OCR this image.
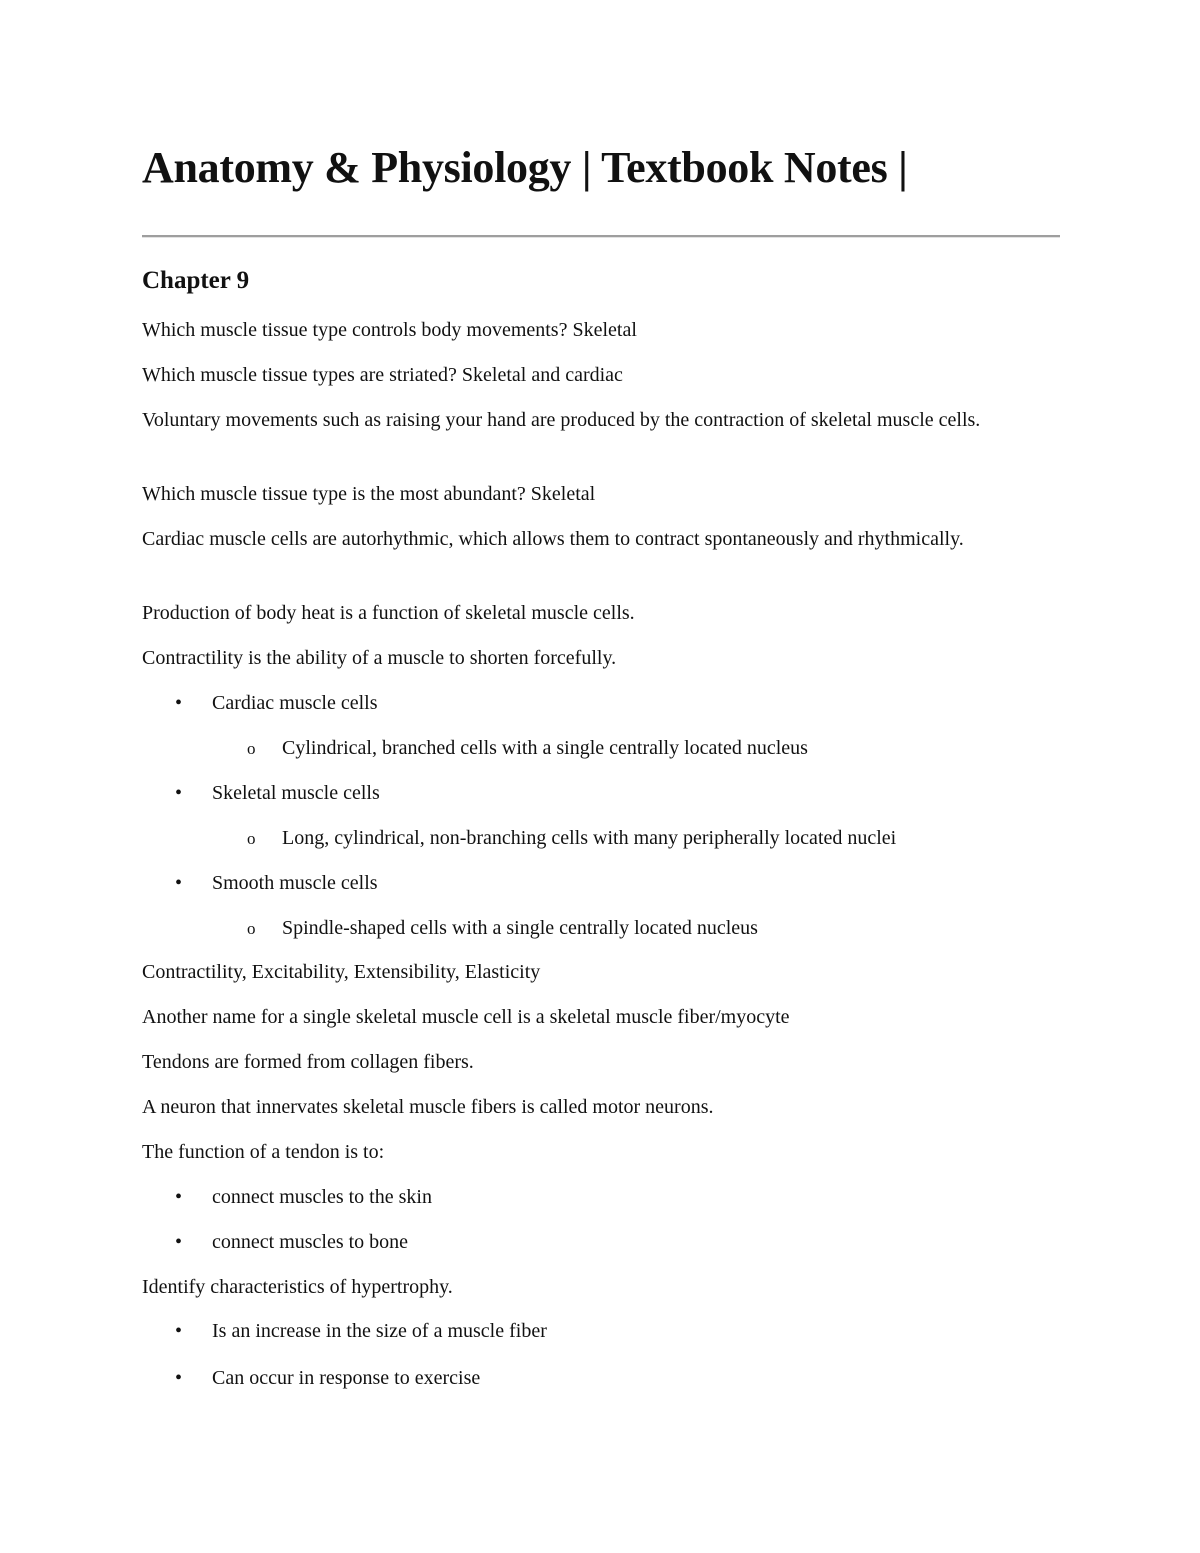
Anatomy & Physiology | Textbook Notes |
Chapter 9

Which muscle tissue type controls body movements? Skeletal

Which muscle tissue types are striated? Skeletal and cardiac

Voluntary movements such as raising your hand are produced by the contraction of skeletal muscle cells.

Which muscle tissue type is the most abundant? Skeletal

Cardiac muscle cells are autorhythmic, which allows them to contract spontaneously and rhythmically.

Production of body heat is a function of skeletal muscle cells.

Contractility is the ability of a muscle to shorten forcefully.

• Cardiac muscle cells

o Cylindrical, branched cells with a single centrally located nucleus

• Skeletal muscle cells

o Long, cylindrical, non-branching cells with many peripherally located nuclei

• Smooth muscle cells

o Spindle-shaped cells with a single centrally located nucleus

Contractility, Excitability, Extensibility, Elasticity

Another name for a single skeletal muscle cell is a skeletal muscle fiber/myocyte

Tendons are formed from collagen fibers.

A neuron that innervates skeletal muscle fibers is called motor neurons.

The function of a tendon is to:

• connect muscles to the skin

• connect muscles to bone

Identify characteristics of hypertrophy.

• Is an increase in the size of a muscle fiber

• Can occur in response to exercise
